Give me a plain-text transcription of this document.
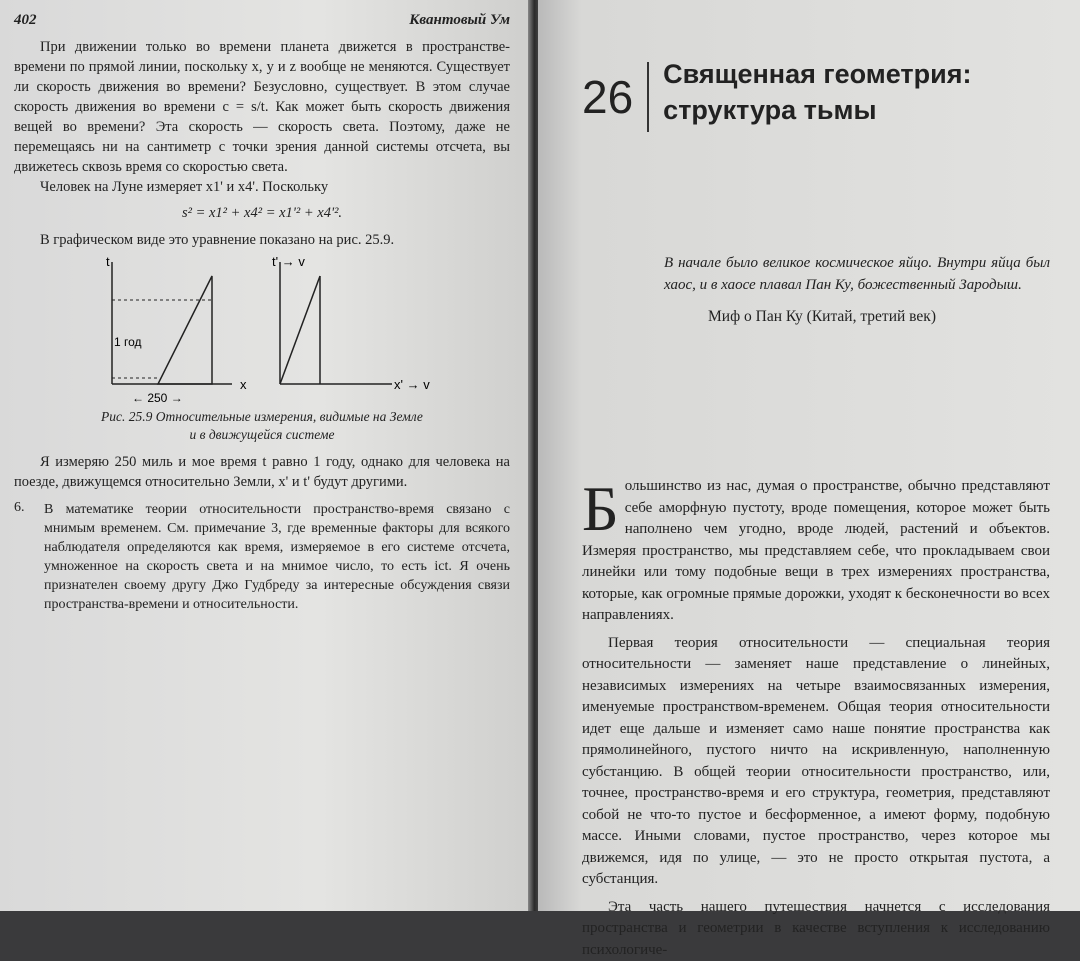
402	Квантовый Ум

При движении только во времени планета движется в пространстве-времени по прямой линии, поскольку x, y и z вообще не меняются. Существует ли скорость движения во времени? Безусловно, существует. В этом случае скорость движения во времени c = s/t. Как может быть скорость движения вещей во времени? Эта скорость — скорость света. Поэтому, даже не перемещаясь ни на сантиметр с точки зрения данной системы отсчета, вы движетесь сквозь время со скоростью света.

Человек на Луне измеряет x1' и x4'. Поскольку

s² = x1² + x4² = x1'² + x4'².

В графическом виде это уравнение показано на рис. 25.9.

t
1 год
x
← 250 →
t' → v
x' → v
Рис. 25.9 Относительные измерения, видимые на Земле
и в движущейся системе

Я измеряю 250 миль и мое время t равно 1 году, однако для человека на поезде, движущемся относительно Земли, x' и t' будут другими.

6.	В математике теории относительности пространство-время связано с мнимым временем. См. примечание 3, где временные факторы для всякого наблюдателя определяются как время, измеряемое в его системе отсчета, умноженное на скорость света и на мнимое число, то есть ict. Я очень признателен своему другу Джо Гудбреду за интересные обсуждения связи пространства-времени и относительности.
26	Священная геометрия: структура тьмы
В начале было великое космическое яйцо. Внутри яйца был хаос, и в хаосе плавал Пан Ку, божественный Зародыш.
Миф о Пан Ку (Китай, третий век)

Большинство из нас, думая о пространстве, обычно представляют себе аморфную пустоту, вроде помещения, которое может быть наполнено чем угодно, вроде людей, растений и объектов. Измеряя пространство, мы представляем себе, что прокладываем свои линейки или тому подобные вещи в трех измерениях пространства, которые, как огромные прямые дорожки, уходят к бесконечности во всех направлениях.

Первая теория относительности — специальная теория относительности — заменяет наше представление о линейных, независимых измерениях на четыре взаимосвязанных измерения, именуемые пространством-временем. Общая теория относительности идет еще дальше и изменяет само наше понятие пространства как прямолинейного, пустого ничто на искривленную, наполненную субстанцию. В общей теории относительности пространство, или, точнее, пространство-время и его структура, геометрия, представляют собой не что-то пустое и бесформенное, а имеют форму, подобную массе. Иными словами, пустое пространство, через которое мы движемся, идя по улице, — это не просто открытая пустота, а субстанция.

Эта часть нашего путешествия начнется с исследования пространства и геометрии в качестве вступления к исследованию психологиче-
